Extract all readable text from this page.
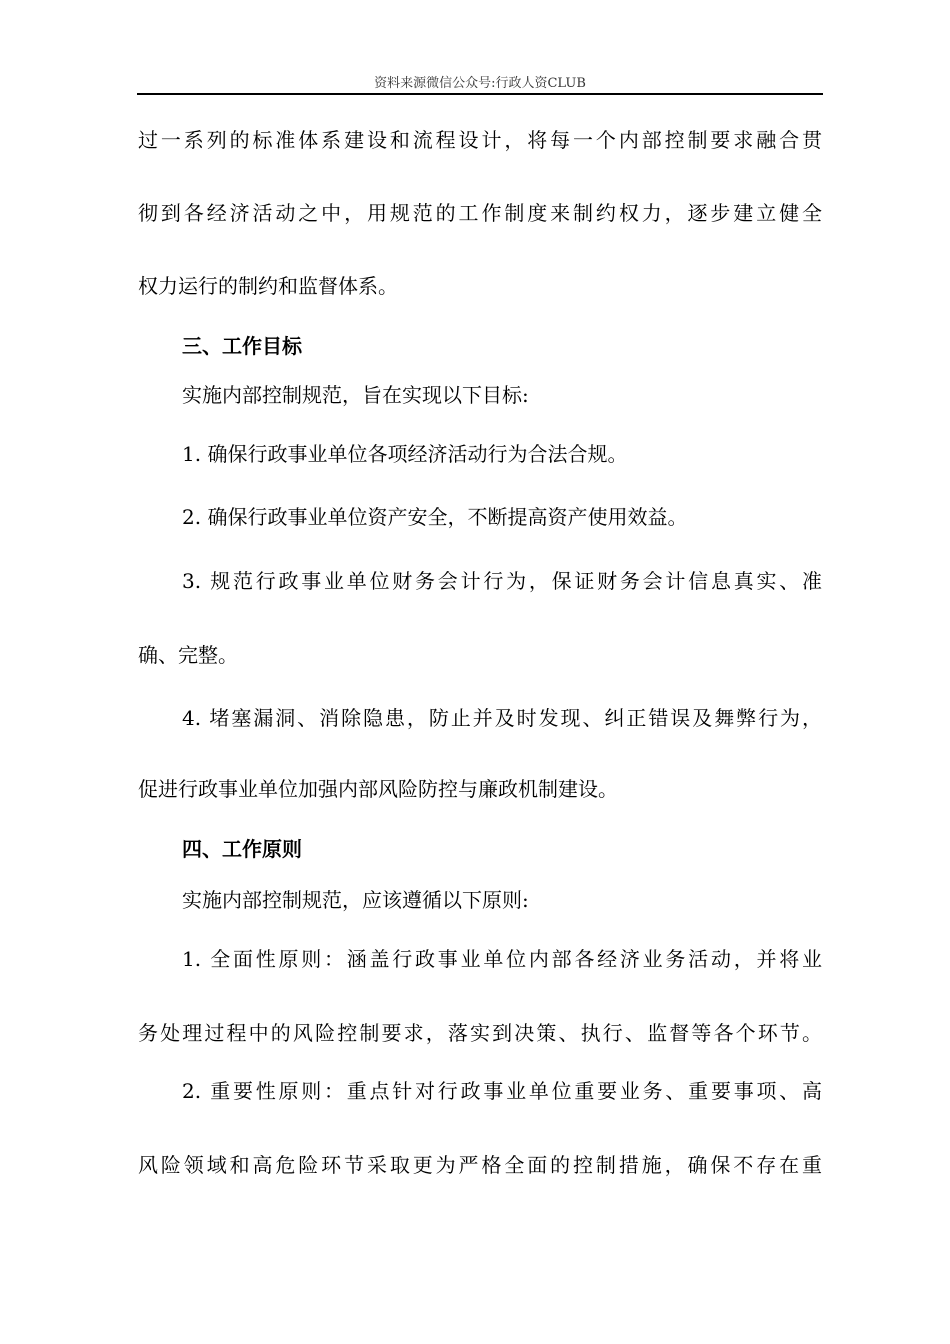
资料来源微信公众号:行政人资CLUB
过一系列的标准体系建设和流程设计，将每一个内部控制要求融合贯
彻到各经济活动之中，用规范的工作制度来制约权力，逐步建立健全
权力运行的制约和监督体系。
三、工作目标
实施内部控制规范，旨在实现以下目标:
1. 确保行政事业单位各项经济活动行为合法合规。
2. 确保行政事业单位资产安全，不断提高资产使用效益。
3. 规范行政事业单位财务会计行为，保证财务会计信息真实、准
确、完整。
4. 堵塞漏洞、消除隐患，防止并及时发现、纠正错误及舞弊行为，
促进行政事业单位加强内部风险防控与廉政机制建设。
四、工作原则
实施内部控制规范，应该遵循以下原则:
1. 全面性原则：涵盖行政事业单位内部各经济业务活动，并将业
务处理过程中的风险控制要求，落实到决策、执行、监督等各个环节。
2. 重要性原则：重点针对行政事业单位重要业务、重要事项、高
风险领域和高危险环节采取更为严格全面的控制措施，确保不存在重
